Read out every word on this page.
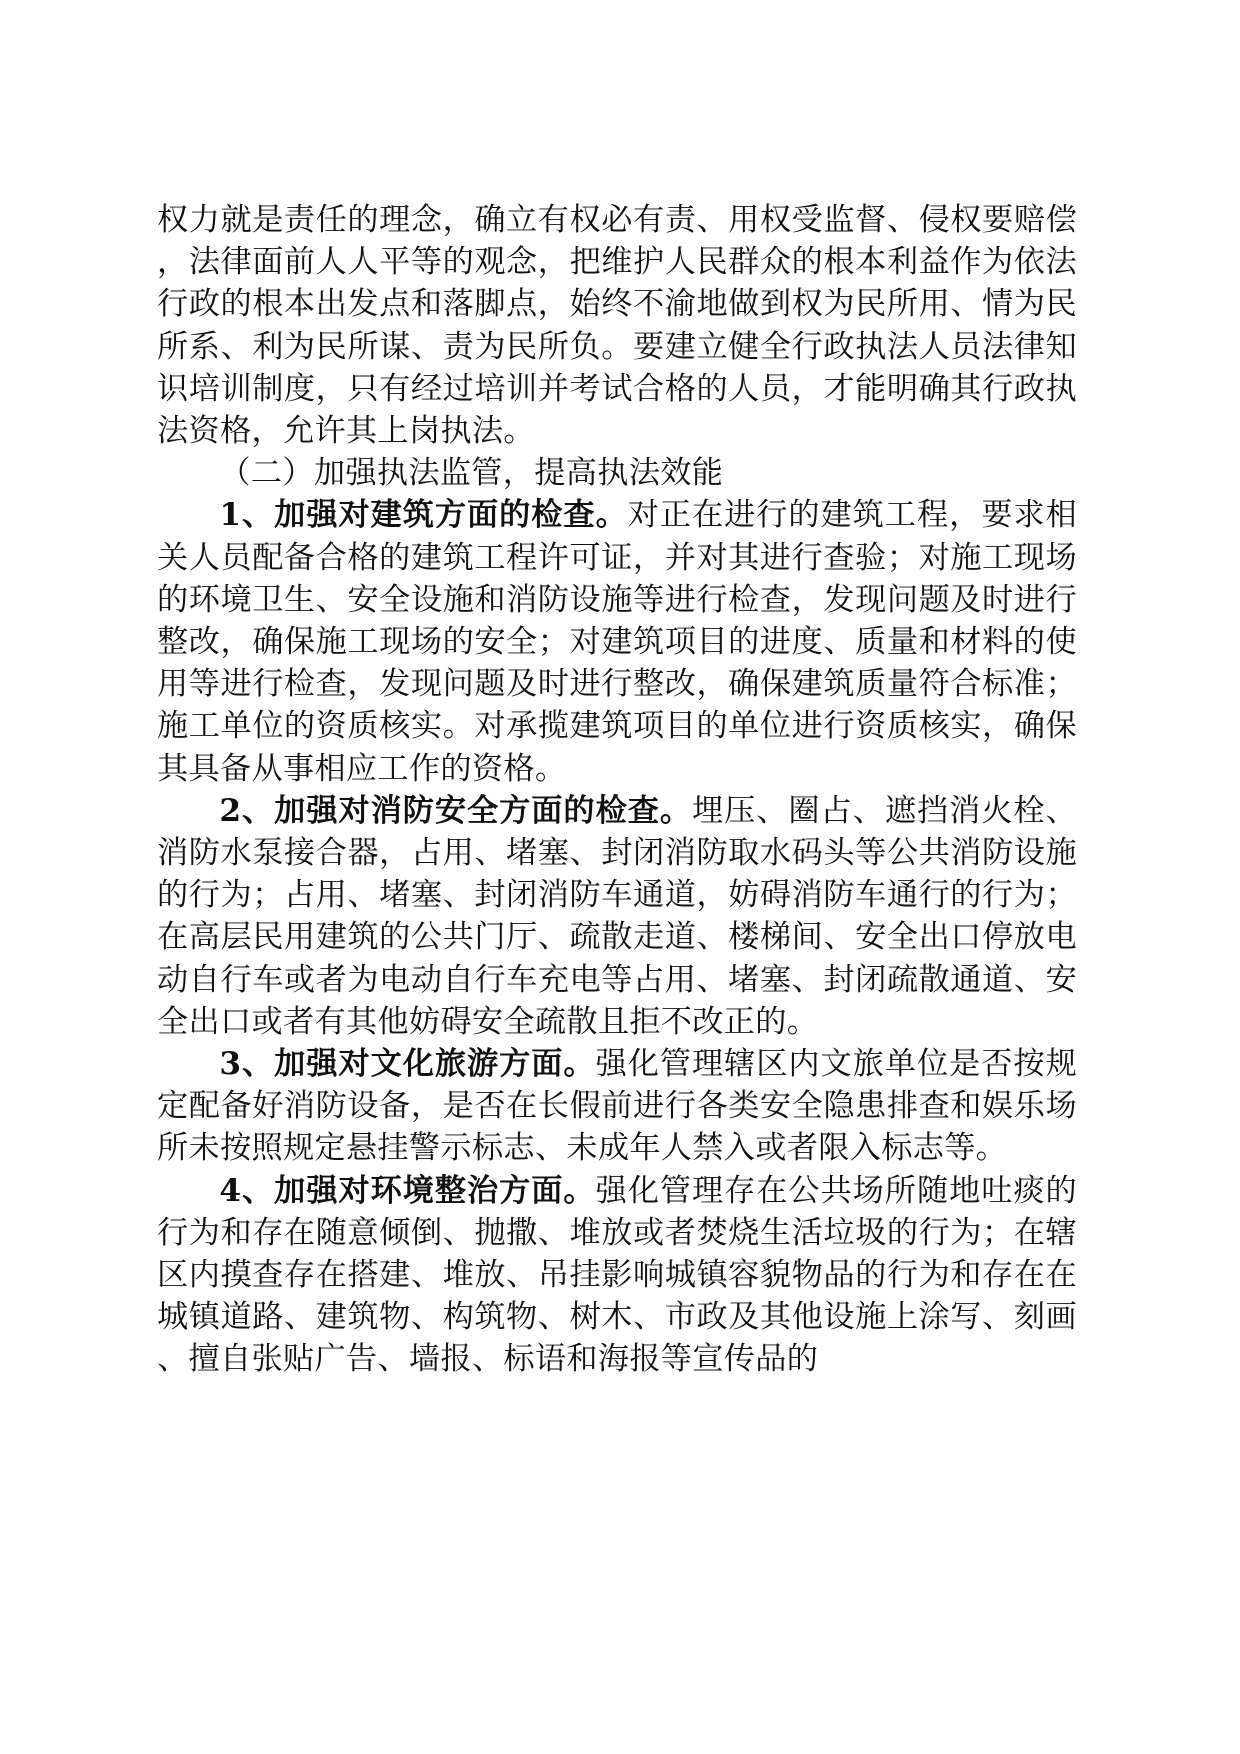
权力就是责任的理念，确立有权必有责、用权受监督、侵权要赔偿，法律面前人人平等的观念，把维护人民群众的根本利益作为依法行政的根本出发点和落脚点，始终不渝地做到权为民所用、情为民所系、利为民所谋、责为民所负。要建立健全行政执法人员法律知识培训制度，只有经过培训并考试合格的人员，才能明确其行政执法资格，允许其上岗执法。

（二）加强执法监管，提高执法效能

1、加强对建筑方面的检查。对正在进行的建筑工程，要求相关人员配备合格的建筑工程许可证，并对其进行查验；对施工现场的环境卫生、安全设施和消防设施等进行检查，发现问题及时进行整改，确保施工现场的安全；对建筑项目的进度、质量和材料的使用等进行检查，发现问题及时进行整改，确保建筑质量符合标准；施工单位的资质核实。对承揽建筑项目的单位进行资质核实，确保其具备从事相应工作的资格。

2、加强对消防安全方面的检查。埋压、圈占、遮挡消火栓、消防水泵接合器，占用、堵塞、封闭消防取水码头等公共消防设施的行为；占用、堵塞、封闭消防车通道，妨碍消防车通行的行为；在高层民用建筑的公共门厅、疏散走道、楼梯间、安全出口停放电动自行车或者为电动自行车充电等占用、堵塞、封闭疏散通道、安全出口或者有其他妨碍安全疏散且拒不改正的。

3、加强对文化旅游方面。强化管理辖区内文旅单位是否按规定配备好消防设备，是否在长假前进行各类安全隐患排查和娱乐场所未按照规定悬挂警示标志、未成年人禁入或者限入标志等。

4、加强对环境整治方面。强化管理存在公共场所随地吐痰的行为和存在随意倾倒、抛撒、堆放或者焚烧生活垃圾的行为；在辖区内摸查存在搭建、堆放、吊挂影响城镇容貌物品的行为和存在在城镇道路、建筑物、构筑物、树木、市政及其他设施上涂写、刻画、擅自张贴广告、墙报、标语和海报等宣传品的
